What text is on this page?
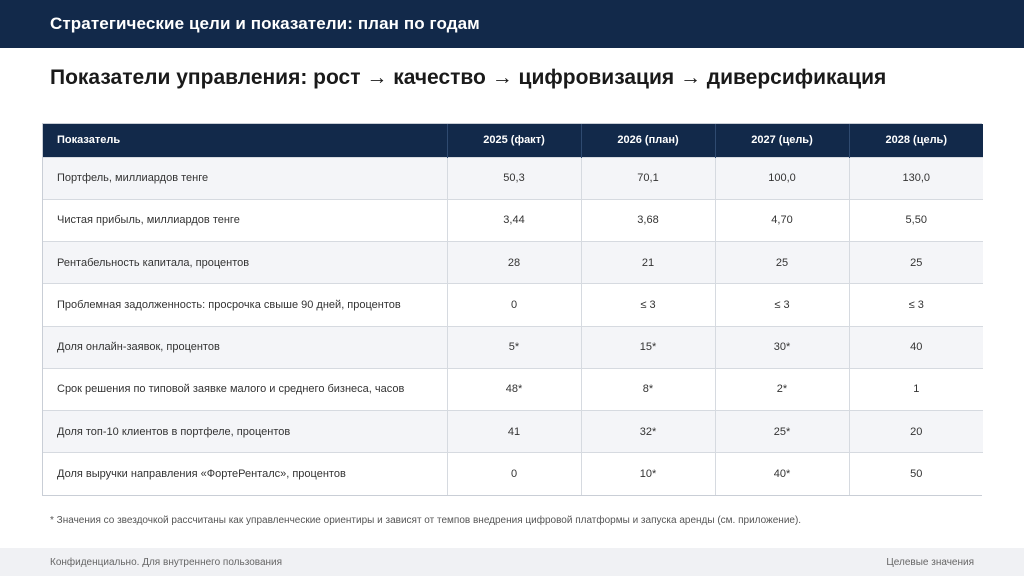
Стратегические цели и показатели: план по годам
Показатели управления: рост → качество → цифровизация → диверсификация
Показатель	2025 (факт)	2026 (план)	2027 (цель)	2028 (цель)
Портфель, миллиардов тенге	50,3	70,1	100,0	130,0
Чистая прибыль, миллиардов тенге	3,44	3,68	4,70	5,50
Рентабельность капитала, процентов	28	21	25	25
Проблемная задолженность: просрочка свыше 90 дней, процентов	0	≤ 3	≤ 3	≤ 3
Доля онлайн-заявок, процентов	5*	15*	30*	40
Срок решения по типовой заявке малого и среднего бизнеса, часов	48*	8*	2*	1
Доля топ-10 клиентов в портфеле, процентов	41	32*	25*	20
Доля выручки направления «ФортеРенталс», процентов	0	10*	40*	50
* Значения со звездочкой рассчитаны как управленческие ориентиры и зависят от темпов внедрения цифровой платформы и запуска аренды (см. приложение).
Конфиденциально. Для внутреннего пользования	Целевые значения
